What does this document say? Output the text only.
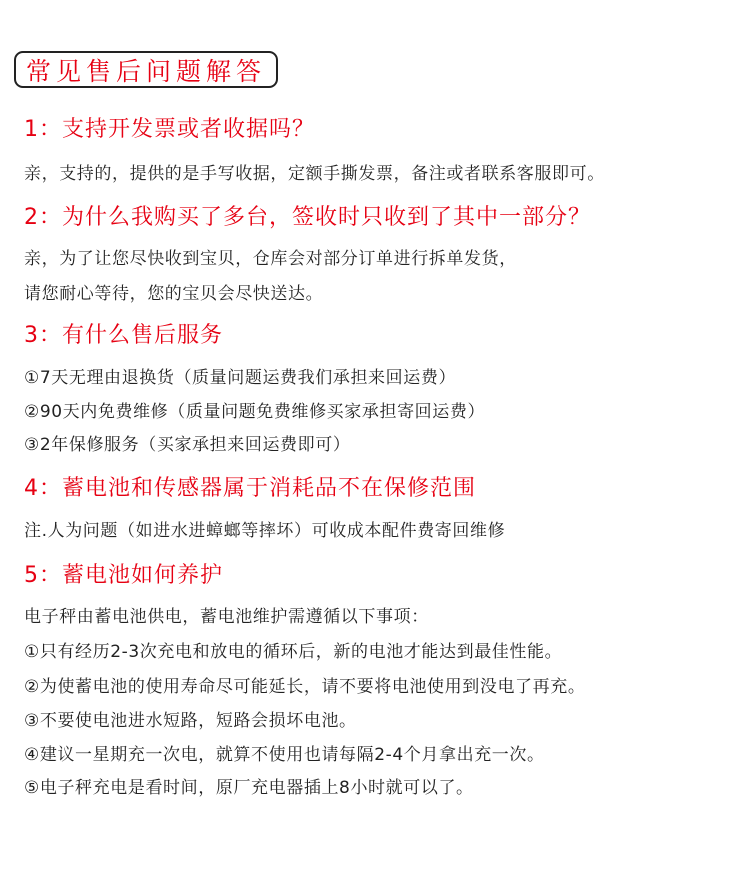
常见售后问题解答
1：支持开发票或者收据吗？
亲，支持的，提供的是手写收据，定额手撕发票，备注或者联系客服即可。
2：为什么我购买了多台，签收时只收到了其中一部分？
亲，为了让您尽快收到宝贝，仓库会对部分订单进行拆单发货，
请您耐心等待，您的宝贝会尽快送达。
3：有什么售后服务
①7天无理由退换货（质量问题运费我们承担来回运费）
②90天内免费维修（质量问题免费维修买家承担寄回运费）
③2年保修服务（买家承担来回运费即可）
4：蓄电池和传感器属于消耗品不在保修范围
注.人为问题（如进水进蟑螂等摔坏）可收成本配件费寄回维修
5：蓄电池如何养护
电子秤由蓄电池供电，蓄电池维护需遵循以下事项：
①只有经历2-3次充电和放电的循环后，新的电池才能达到最佳性能。
②为使蓄电池的使用寿命尽可能延长，请不要将电池使用到没电了再充。
③不要使电池进水短路，短路会损坏电池。
④建议一星期充一次电，就算不使用也请每隔2-4个月拿出充一次。
⑤电子秤充电是看时间，原厂充电器插上8小时就可以了。
